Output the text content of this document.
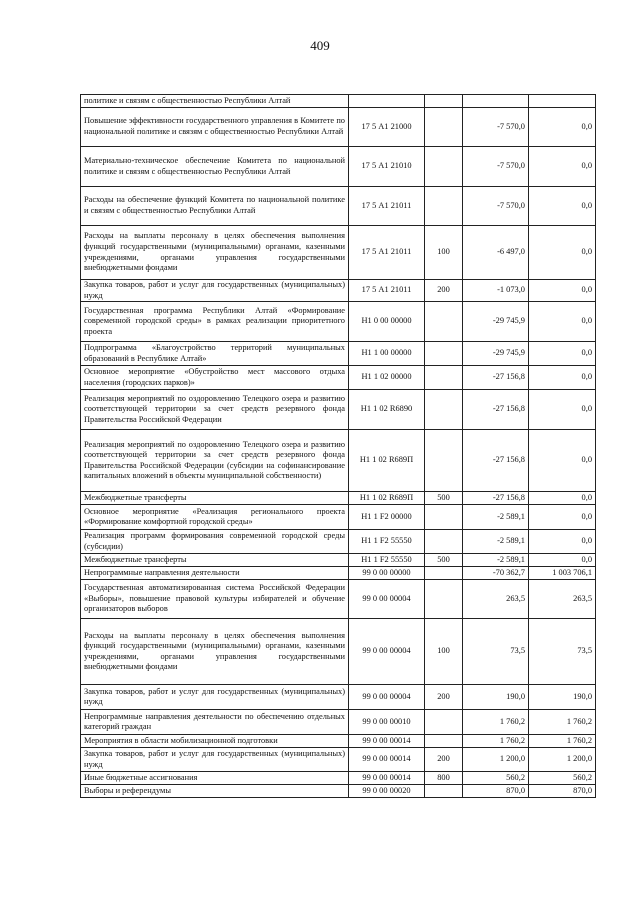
409
политике и связям с общественностью Республики Алтай				
Повышение эффективности государственного управления в Комитете по национальной политике и связям с общественностью Республики Алтай	17 5 А1 21000		-7 570,0	0,0
Материально-техническое обеспечение Комитета по национальной политике и связям с общественностью Республики Алтай	17 5 А1 21010		-7 570,0	0,0
Расходы на обеспечение функций Комитета по национальной политике и связям с общественностью Республики Алтай	17 5 А1 21011		-7 570,0	0,0
Расходы на выплаты персоналу в целях обеспечения выполнения функций государственными (муниципальными) органами, казенными учреждениями, органами управления государственными внебюджетными фондами	17 5 А1 21011	100	-6 497,0	0,0
Закупка товаров, работ и услуг для государственных (муниципальных) нужд	17 5 А1 21011	200	-1 073,0	0,0
Государственная программа Республики Алтай «Формирование современной городской среды» в рамках реализации приоритетного проекта	Н1 0 00 00000		-29 745,9	0,0
Подпрограмма «Благоустройство территорий муниципальных образований в Республике Алтай»	Н1 1 00 00000		-29 745,9	0,0
Основное мероприятие «Обустройство мест массового отдыха населения (городских парков)»	Н1 1 02 00000		-27 156,8	0,0
Реализация мероприятий по оздоровлению Телецкого озера и развитию соответствующей территории за счет средств резервного фонда Правительства Российской Федерации	Н1 1 02 R6890		-27 156,8	0,0
Реализация мероприятий по оздоровлению Телецкого озера и развитию соответствующей территории за счет средств резервного фонда Правительства Российской Федерации (субсидии на софинансирование капитальных вложений в объекты муниципальной собственности)	Н1 1 02 R689П		-27 156,8	0,0
Межбюджетные трансферты	Н1 1 02 R689П	500	-27 156,8	0,0
Основное мероприятие «Реализация регионального проекта «Формирование комфортной городской среды»	Н1 1 F2 00000		-2 589,1	0,0
Реализация программ формирования современной городской среды (субсидии)	Н1 1 F2 55550		-2 589,1	0,0
Межбюджетные трансферты	Н1 1 F2 55550	500	-2 589,1	0,0
Непрограммные направления деятельности	99 0 00 00000		-70 362,7	1 003 706,1
Государственная автоматизированная система Российской Федерации «Выборы», повышение правовой культуры избирателей и обучение организаторов выборов	99 0 00 00004		263,5	263,5
Расходы на выплаты персоналу в целях обеспечения выполнения функций государственными (муниципальными) органами, казенными учреждениями, органами управления государственными внебюджетными фондами	99 0 00 00004	100	73,5	73,5
Закупка товаров, работ и услуг для государственных (муниципальных) нужд	99 0 00 00004	200	190,0	190,0
Непрограммные направления деятельности по обеспечению отдельных категорий граждан	99 0 00 00010		1 760,2	1 760,2
Мероприятия в области мобилизационной подготовки	99 0 00 00014		1 760,2	1 760,2
Закупка товаров, работ и услуг для государственных (муниципальных) нужд	99 0 00 00014	200	1 200,0	1 200,0
Иные бюджетные ассигнования	99 0 00 00014	800	560,2	560,2
Выборы и референдумы	99 0 00 00020		870,0	870,0
